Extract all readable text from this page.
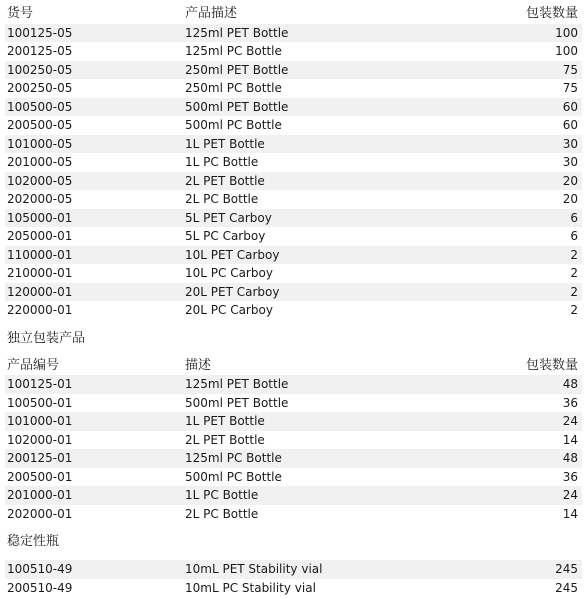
货号	产品描述	包装数量
100125-05	125ml PET Bottle	100
200125-05	125ml PC Bottle	100
100250-05	250ml PET Bottle	75
200250-05	250ml PC Bottle	75
100500-05	500ml PET Bottle	60
200500-05	500ml PC Bottle	60
101000-05	1L PET Bottle	30
201000-05	1L PC Bottle	30
102000-05	2L PET Bottle	20
202000-05	2L PC Bottle	20
105000-01	5L PET Carboy	6
205000-01	5L PC Carboy	6
110000-01	10L PET Carboy	2
210000-01	10L PC Carboy	2
120000-01	20L PET Carboy	2
220000-01	20L PC Carboy	2
独立包装产品
产品编号	描述	包装数量
100125-01	125ml PET Bottle	48
100500-01	500ml PET Bottle	36
101000-01	1L PET Bottle	24
102000-01	2L PET Bottle	14
200125-01	125ml PC Bottle	48
200500-01	500ml PC Bottle	36
201000-01	1L PC Bottle	24
202000-01	2L PC Bottle	14
稳定性瓶
100510-49	10mL PET Stability vial	245
200510-49	10mL PC Stability vial	245
